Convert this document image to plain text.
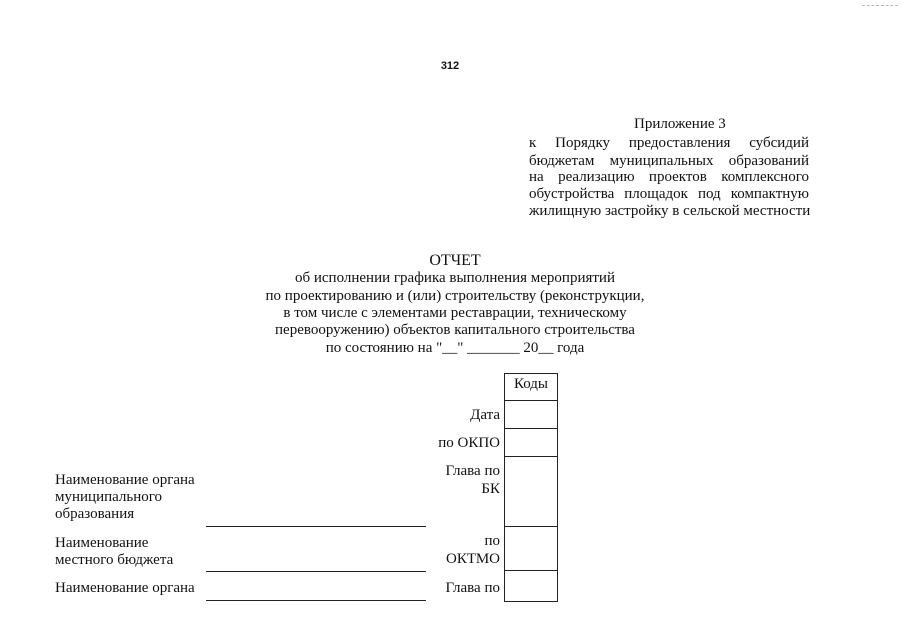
312
Приложение 3
к Порядку предоставления субсидий
бюджетам муниципальных образований
на реализацию проектов комплексного
обустройства площадок под компактную
жилищную застройку в сельской местности
ОТЧЕТ
об исполнении графика выполнения мероприятий
по проектированию и (или) строительству (реконструкции,
в том числе с элементами реставрации, техническому
перевооружению) объектов капитального строительства
по состоянию на "__" _______ 20__ года
Коды
Дата
по ОКПО
Глава по
БК
по
ОКТМО
Глава по
Наименование органа
муниципального
образования
Наименование
местного бюджета
Наименование органа
